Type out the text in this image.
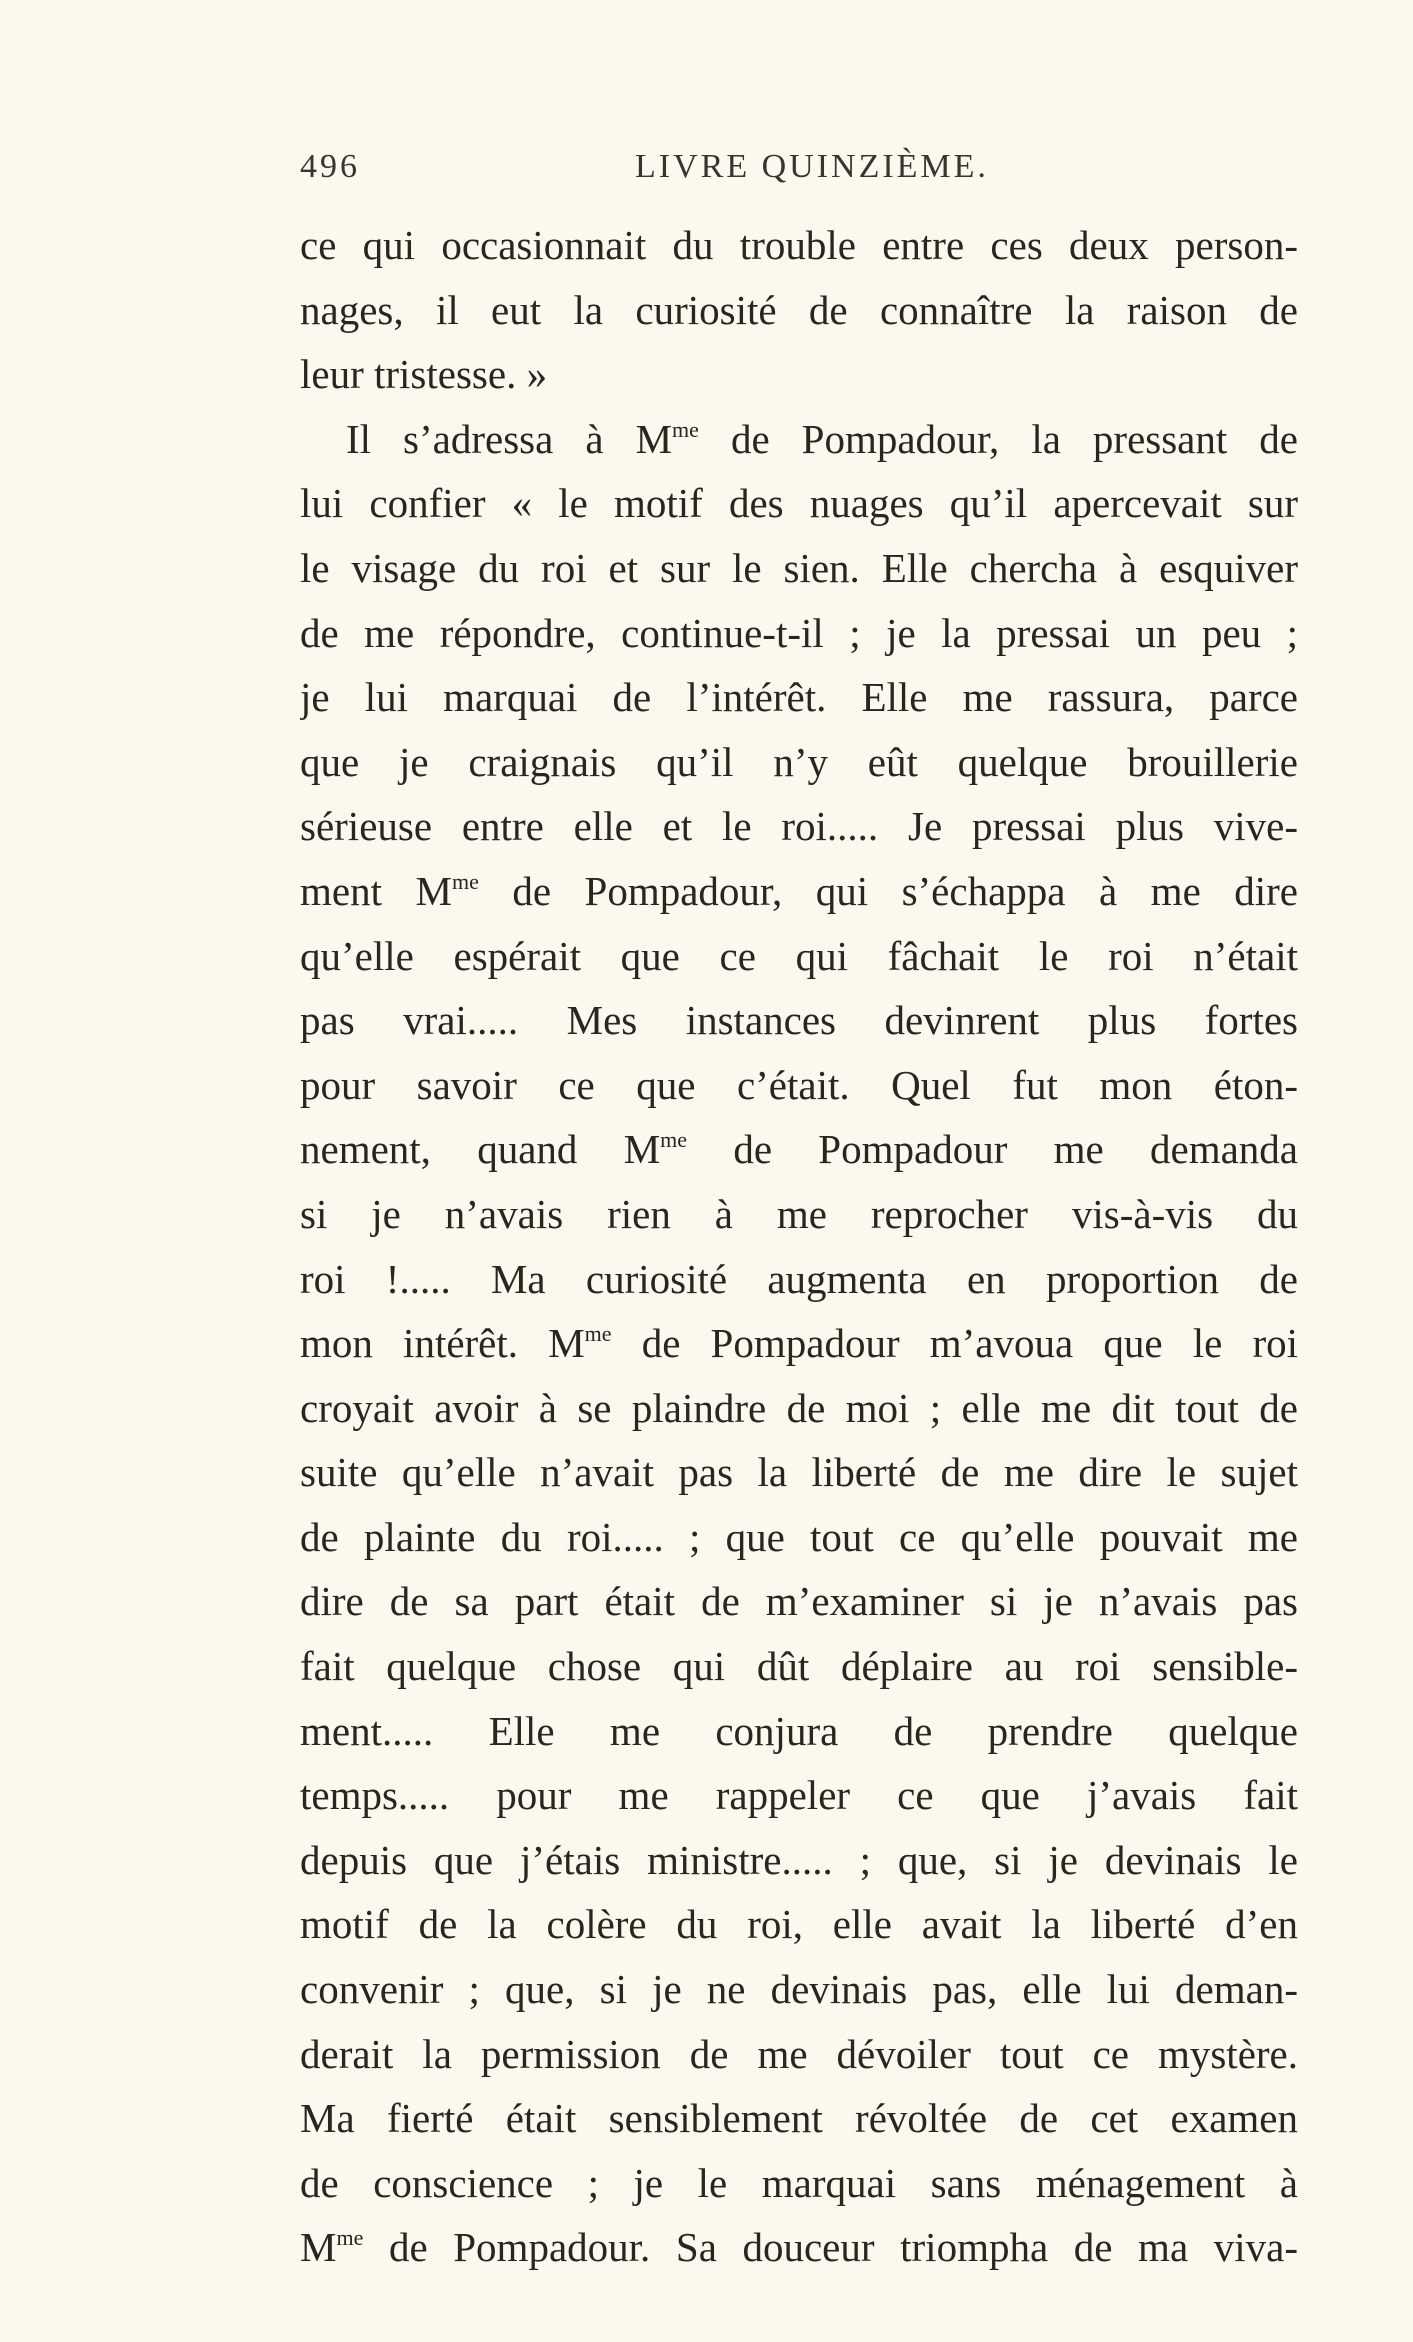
496	LIVRE QUINZIÈME.
ce qui occasionnait du trouble entre ces deux person-
nages, il eut la curiosité de connaître la raison de
leur tristesse. »
Il s’adressa à $M^{me}$ de Pompadour, la pressant de
lui confier « le motif des nuages qu’il apercevait sur
le visage du roi et sur le sien. Elle chercha à esquiver
de me répondre, continue-t-il ; je la pressai un peu ;
je lui marquai de l’intérêt. Elle me rassura, parce
que je craignais qu’il n’y eût quelque brouillerie
sérieuse entre elle et le roi..... Je pressai plus vive-
ment $M^{me}$ de Pompadour, qui s’échappa à me dire
qu’elle espérait que ce qui fâchait le roi n’était
pas vrai..... Mes instances devinrent plus fortes
pour savoir ce que c’était. Quel fut mon éton-
nement, quand $M^{me}$ de Pompadour me demanda
si je n’avais rien à me reprocher vis-à-vis du
roi !..... Ma curiosité augmenta en proportion de
mon intérêt. $M^{me}$ de Pompadour m’avoua que le roi
croyait avoir à se plaindre de moi ; elle me dit tout de
suite qu’elle n’avait pas la liberté de me dire le sujet
de plainte du roi..... ; que tout ce qu’elle pouvait me
dire de sa part était de m’examiner si je n’avais pas
fait quelque chose qui dût déplaire au roi sensible-
ment..... Elle me conjura de prendre quelque
temps..... pour me rappeler ce que j’avais fait
depuis que j’étais ministre..... ; que, si je devinais le
motif de la colère du roi, elle avait la liberté d’en
convenir ; que, si je ne devinais pas, elle lui deman-
derait la permission de me dévoiler tout ce mystère.
Ma fierté était sensiblement révoltée de cet examen
de conscience ; je le marquai sans ménagement à
$M^{me}$ de Pompadour. Sa douceur triompha de ma viva-
